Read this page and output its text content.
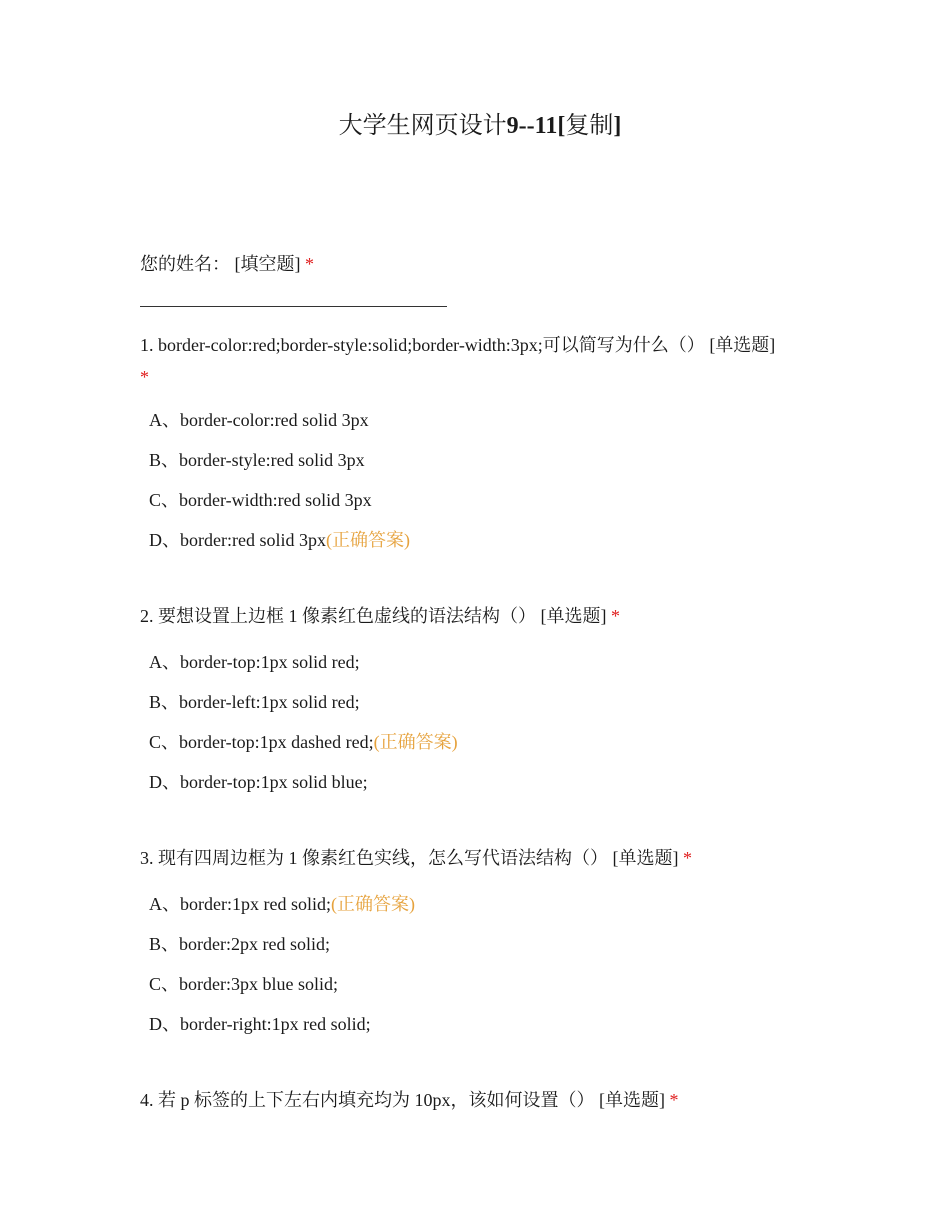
大学生网页设计9--11[复制]
您的姓名： [填空题] *
1. border-color:red;border-style:solid;border-width:3px;可以简写为什么（） [单选题]
*
A、border-color:red solid 3px
B、border-style:red solid 3px
C、border-width:red solid 3px
D、border:red solid 3px(正确答案)
2. 要想设置上边框 1 像素红色虚线的语法结构（） [单选题] *
A、border-top:1px solid red;
B、border-left:1px solid red;
C、border-top:1px dashed red;(正确答案)
D、border-top:1px solid blue;
3. 现有四周边框为 1 像素红色实线，怎么写代语法结构（） [单选题] *
A、border:1px red solid;(正确答案)
B、border:2px red solid;
C、border:3px blue solid;
D、border-right:1px red solid;
4. 若 p 标签的上下左右内填充均为 10px，该如何设置（） [单选题] *
